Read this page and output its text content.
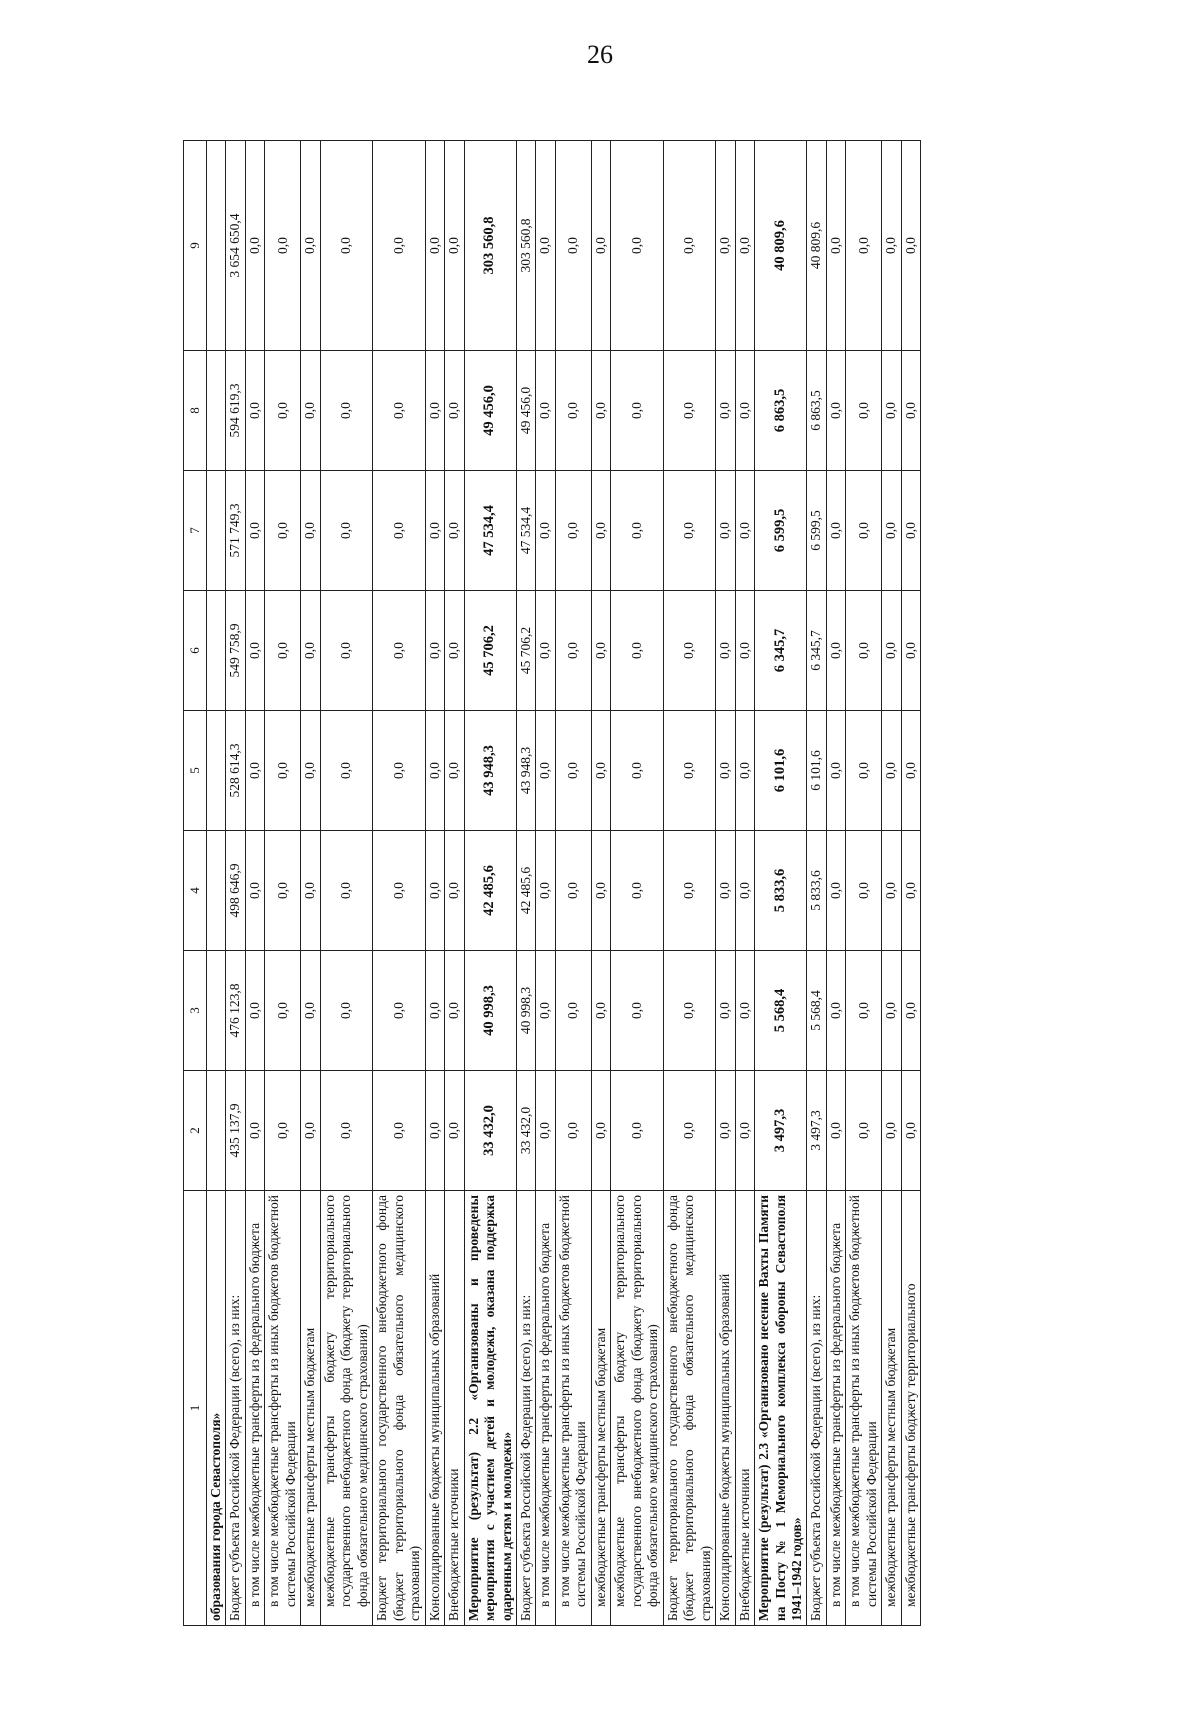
26
1	2	3	4	5	6	7	8	9
образования города Севастополя»								
Бюджет субъекта Российской Федерации (всего), из них:	435 137,9	476 123,8	498 646,9	528 614,3	549 758,9	571 749,3	594 619,3	3 654 650,4
в том числе межбюджетные трансферты из федерального бюджета	0,0	0,0	0,0	0,0	0,0	0,0	0,0	0,0
в том числе межбюджетные трансферты из иных бюджетов бюджетной системы Российской Федерации	0,0	0,0	0,0	0,0	0,0	0,0	0,0	0,0
межбюджетные трансферты местным бюджетам	0,0	0,0	0,0	0,0	0,0	0,0	0,0	0,0
межбюджетные трансферты бюджету территориального государственного внебюджетного фонда (бюджету территориального фонда обязательного медицинского страхования)	0,0	0,0	0,0	0,0	0,0	0,0	0,0	0,0
Бюджет территориального государственного внебюджетного фонда (бюджет территориального фонда обязательного медицинского страхования)	0,0	0,0	0,0	0,0	0,0	0,0	0,0	0,0
Консолидированные бюджеты муниципальных образований	0,0	0,0	0,0	0,0	0,0	0,0	0,0	0,0
Внебюджетные источники	0,0	0,0	0,0	0,0	0,0	0,0	0,0	0,0
Мероприятие (результат) 2.2 «Организованы и проведены мероприятия с участием детей и молодежи, оказана поддержка одаренным детям и молодежи»	33 432,0	40 998,3	42 485,6	43 948,3	45 706,2	47 534,4	49 456,0	303 560,8
Бюджет субъекта Российской Федерации (всего), из них:	33 432,0	40 998,3	42 485,6	43 948,3	45 706,2	47 534,4	49 456,0	303 560,8
в том числе межбюджетные трансферты из федерального бюджета	0,0	0,0	0,0	0,0	0,0	0,0	0,0	0,0
в том числе межбюджетные трансферты из иных бюджетов бюджетной системы Российской Федерации	0,0	0,0	0,0	0,0	0,0	0,0	0,0	0,0
межбюджетные трансферты местным бюджетам	0,0	0,0	0,0	0,0	0,0	0,0	0,0	0,0
межбюджетные трансферты бюджету территориального государственного внебюджетного фонда (бюджету территориального фонда обязательного медицинского страхования)	0,0	0,0	0,0	0,0	0,0	0,0	0,0	0,0
Бюджет территориального государственного внебюджетного фонда (бюджет территориального фонда обязательного медицинского страхования)	0,0	0,0	0,0	0,0	0,0	0,0	0,0	0,0
Консолидированные бюджеты муниципальных образований	0,0	0,0	0,0	0,0	0,0	0,0	0,0	0,0
Внебюджетные источники	0,0	0,0	0,0	0,0	0,0	0,0	0,0	0,0
Мероприятие (результат) 2.3 «Организовано несение Вахты Памяти на Посту № 1 Мемориального комплекса обороны Севастополя 1941–1942 годов»	3 497,3	5 568,4	5 833,6	6 101,6	6 345,7	6 599,5	6 863,5	40 809,6
Бюджет субъекта Российской Федерации (всего), из них:	3 497,3	5 568,4	5 833,6	6 101,6	6 345,7	6 599,5	6 863,5	40 809,6
в том числе межбюджетные трансферты из федерального бюджета	0,0	0,0	0,0	0,0	0,0	0,0	0,0	0,0
в том числе межбюджетные трансферты из иных бюджетов бюджетной системы Российской Федерации	0,0	0,0	0,0	0,0	0,0	0,0	0,0	0,0
межбюджетные трансферты местным бюджетам	0,0	0,0	0,0	0,0	0,0	0,0	0,0	0,0
межбюджетные трансферты бюджету территориального	0,0	0,0	0,0	0,0	0,0	0,0	0,0	0,0
